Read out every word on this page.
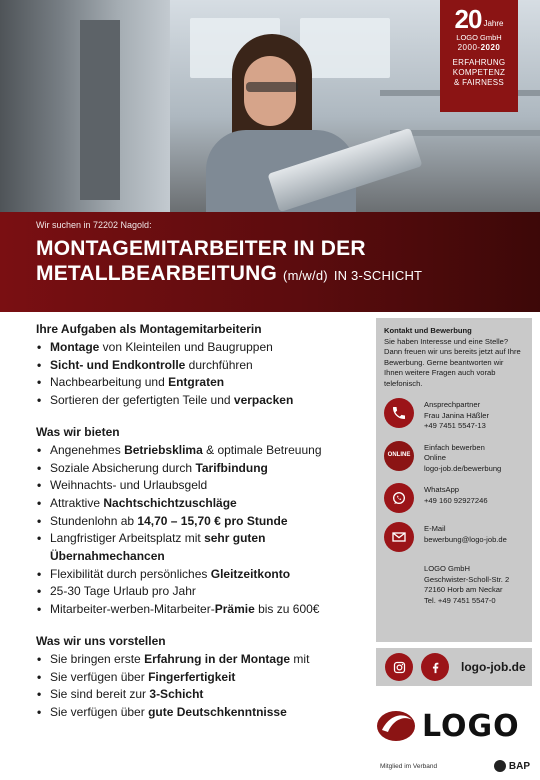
20 Jahre
LOGO GmbH
2000-2020
ERFAHRUNG
KOMPETENZ
& FAIRNESS
Wir suchen in 72202 Nagold:
MONTAGEMITARBEITER IN DER
METALLBEARBEITUNG (m/w/d) IN 3-SCHICHT
Ihre Aufgaben als Montagemitarbeiterin
• Montage von Kleinteilen und Baugruppen
• Sicht- und Endkontrolle durchführen
• Nachbearbeitung und Entgraten
• Sortieren der gefertigten Teile und verpacken
Was wir bieten
• Angenehmes Betriebsklima & optimale Betreuung
• Soziale Absicherung durch Tarifbindung
• Weihnachts- und Urlaubsgeld
• Attraktive Nachtschichtzuschläge
• Stundenlohn ab 14,70 – 15,70 € pro Stunde
• Langfristiger Arbeitsplatz mit sehr guten Übernahmechancen
• Flexibilität durch persönliches Gleitzeitkonto
• 25-30 Tage Urlaub pro Jahr
• Mitarbeiter-werben-Mitarbeiter-Prämie bis zu 600€
Was wir uns vorstellen
• Sie bringen erste Erfahrung in der Montage mit
• Sie verfügen über Fingerfertigkeit
• Sie sind bereit zur 3-Schicht
• Sie verfügen über gute Deutschkenntnisse
Kontakt und Bewerbung
Sie haben Interesse und eine Stelle? Dann freuen wir uns bereits jetzt auf Ihre Bewerbung. Gerne beantworten wir Ihnen weitere Fragen auch vorab telefonisch.
Ansprechpartner
Frau Janina Häßler
+49 7451 5547-13
ONLINE
Einfach bewerben
Online
logo-job.de/bewerbung
WhatsApp
+49 160 92927246
E-Mail
bewerbung@logo-job.de
LOGO GmbH
Geschwister-Scholl-Str. 2
72160 Horb am Neckar
Tel. +49 7451 5547-0
logo-job.de
LOGO
Mitglied im Verband	BAP
